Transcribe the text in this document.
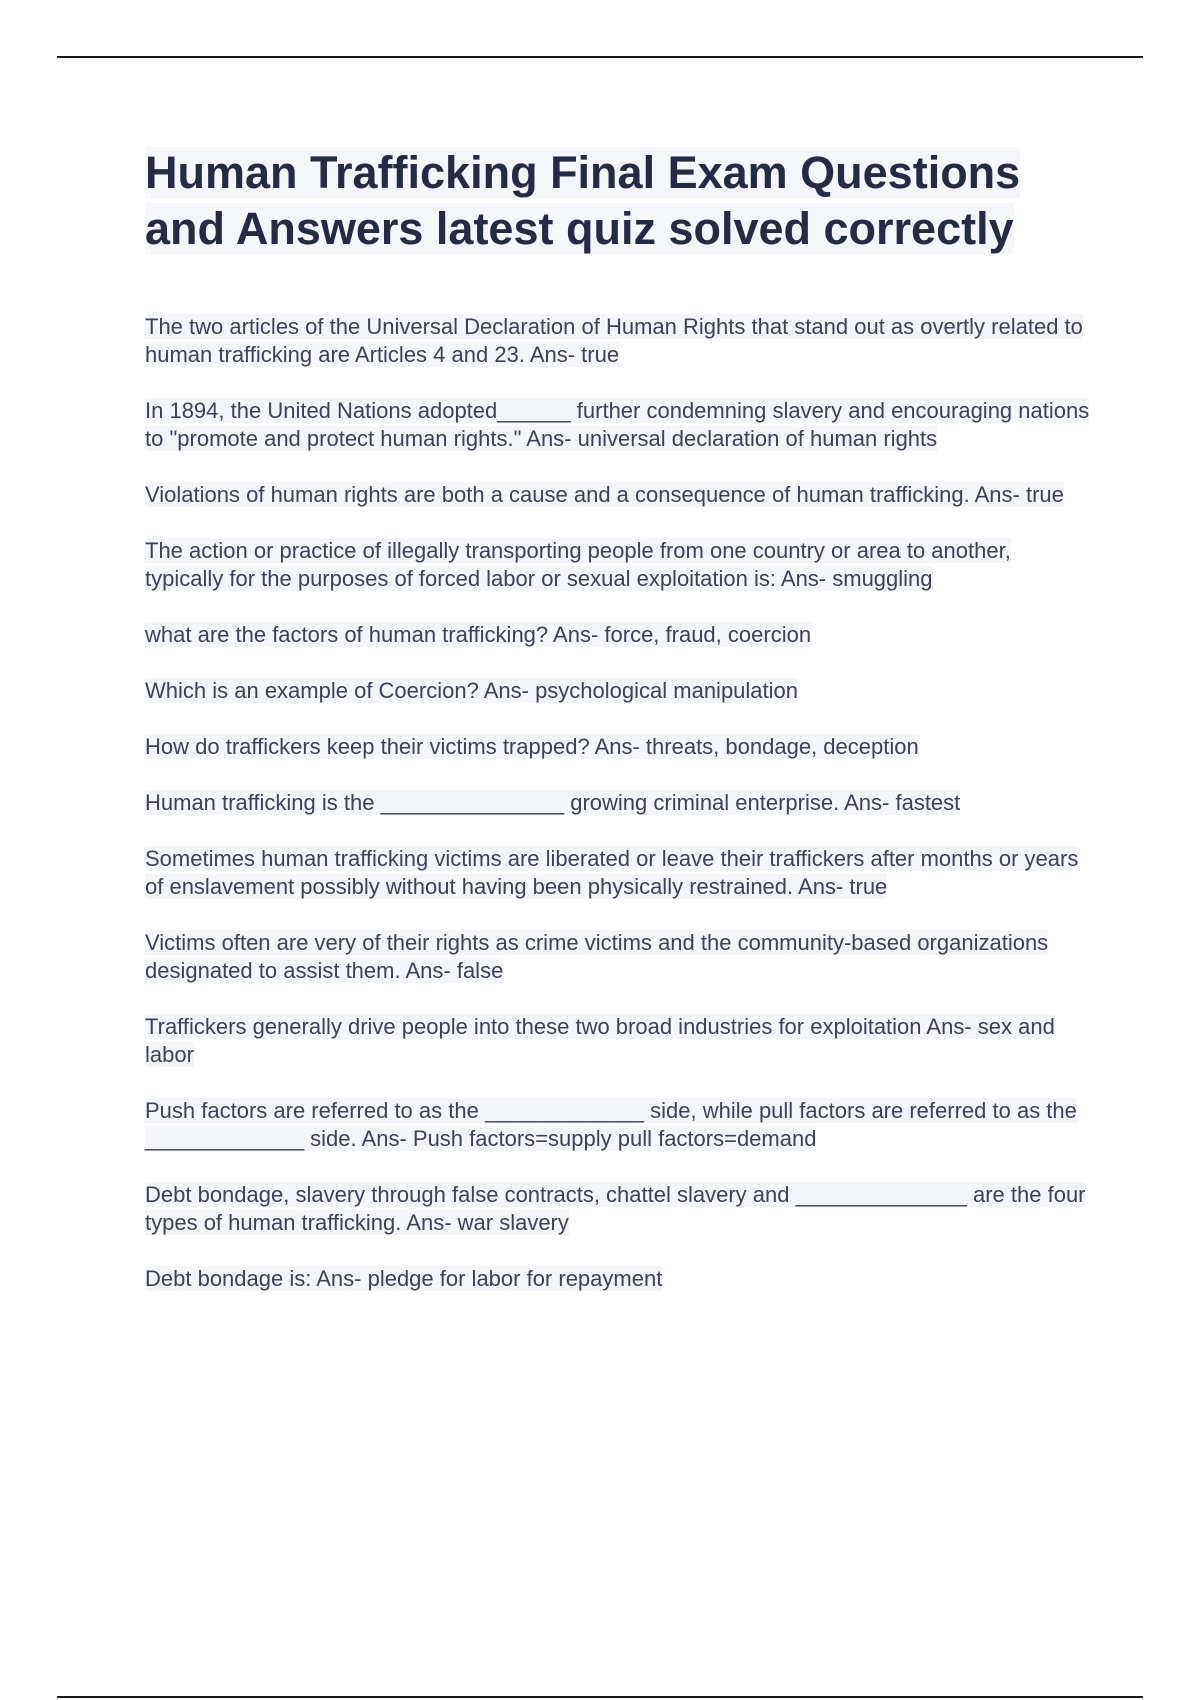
Human Trafficking Final Exam Questions
and Answers latest quiz solved correctly

The two articles of the Universal Declaration of Human Rights that stand out as overtly related to human trafficking are Articles 4 and 23. Ans- true

In 1894, the United Nations adopted______ further condemning slavery and encouraging nations to "promote and protect human rights." Ans- universal declaration of human rights

Violations of human rights are both a cause and a consequence of human trafficking. Ans- true

The action or practice of illegally transporting people from one country or area to another, typically for the purposes of forced labor or sexual exploitation is: Ans- smuggling

what are the factors of human trafficking? Ans- force, fraud, coercion

Which is an example of Coercion? Ans- psychological manipulation

How do traffickers keep their victims trapped? Ans- threats, bondage, deception

Human trafficking is the _______________ growing criminal enterprise. Ans- fastest

Sometimes human trafficking victims are liberated or leave their traffickers after months or years of enslavement possibly without having been physically restrained. Ans- true

Victims often are very of their rights as crime victims and the community-based organizations designated to assist them. Ans- false

Traffickers generally drive people into these two broad industries for exploitation Ans- sex and labor

Push factors are referred to as the _____________ side, while pull factors are referred to as the _____________ side. Ans- Push factors=supply pull factors=demand

Debt bondage, slavery through false contracts, chattel slavery and ______________ are the four types of human trafficking. Ans- war slavery

Debt bondage is: Ans- pledge for labor for repayment
